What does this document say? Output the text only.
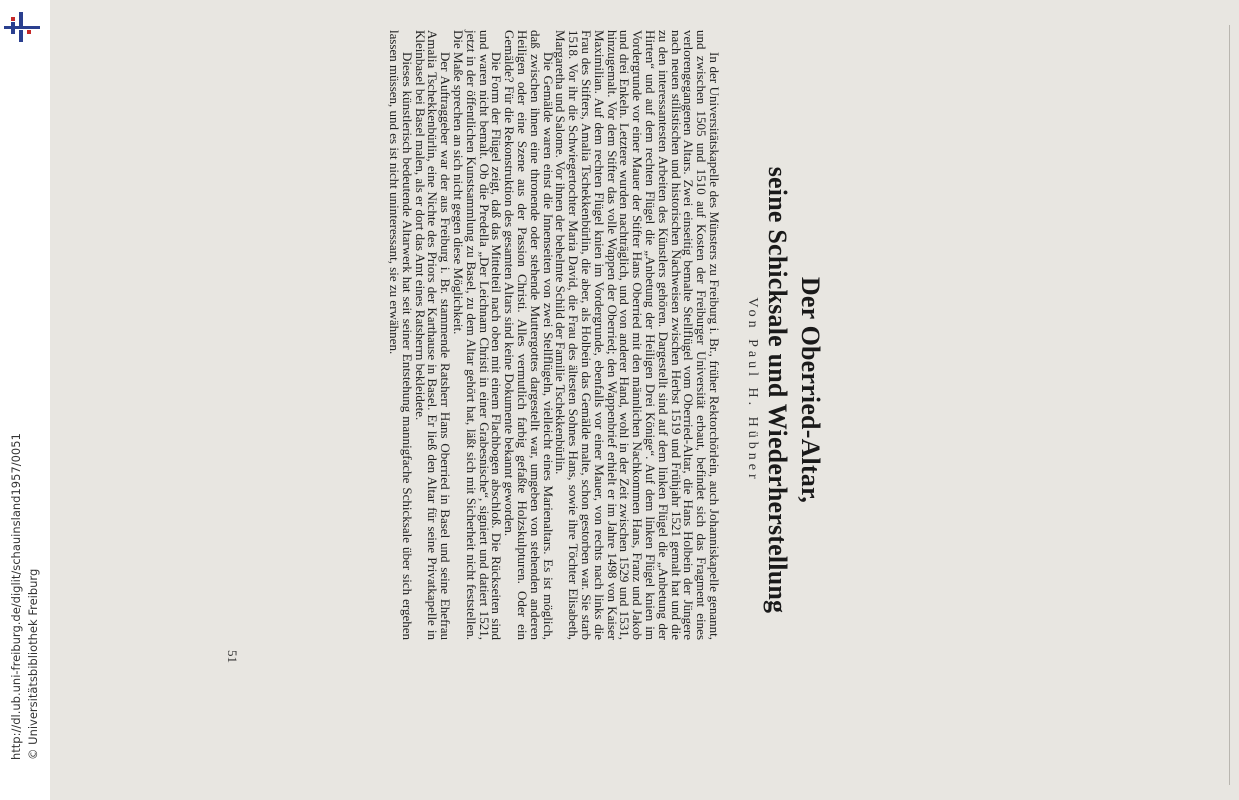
http://dl.ub.uni-freiburg.de/diglit/schauinsland1957/0051 © Universitätsbibliothek Freiburg
Der Oberried-Altar,
seine Schicksale und Wiederherstellung
Von Paul H. Hübner

In der Universitätskapelle des Münsters zu Freiburg i. Br., früher Rektorchörlein, auch Johanniskapelle genannt, und zwischen 1505 und 1510 auf Kosten der Freiburger Universität erbaut, befindet sich das Fragment eines verlorengegangenen Altars. Zwei einseitig bemalte Stellflügel vom Oberried-Altar, die Hans Holbein der Jüngere nach neuen stilistischen und historischen Nachweisen zwischen Herbst 1519 und Frühjahr 1521 gemalt hat und die zu den interessantesten Arbeiten des Künstlers gehören. Dargestellt sind auf dem linken Flügel die „Anbetung der Hirten“ und auf dem rechten Flügel die „Anbetung der Heiligen Drei Könige“. Auf dem linken Flügel knien im Vordergrunde vor einer Mauer der Stifter Hans Oberried mit den männlichen Nachkommen Hans, Franz und Jakob und drei Enkeln. Letztere wurden nachträglich, und von anderer Hand, wohl in der Zeit zwischen 1529 und 1531, hinzugemalt. Vor dem Stifter das volle Wappen der Oberried; den Wappenbrief erhielt er im Jahre 1498 von Kaiser Maximilian. Auf dem rechten Flügel knien im Vordergrunde, ebenfalls vor einer Mauer, von rechts nach links die Frau des Stifters, Amalia Tschekkenbürlin, die aber, als Holbein das Gemälde malte, schon gestorben war. Sie starb 1518. Vor ihr die Schwiegertochter Maria David, die Frau des ältesten Sohnes Hans, sowie ihre Töchter Elisabeth, Margaretha und Salome. Vor ihnen der behelmte Schild der Familie Tschekkenbürlin.

Die Gemälde waren einst die Innenseiten von zwei Stellflügeln, vielleicht eines Marienaltars. Es ist möglich, daß zwischen ihnen eine thronende oder stehende Muttergottes dargestellt war, umgeben von stehenden anderen Heiligen oder eine Szene aus der Passion Christi. Alles vermutlich farbig gefaßte Holzskulpturen. Oder ein Gemälde? Für die Rekonstruktion des gesamten Altars sind keine Dokumente bekannt geworden.

Die Form der Flügel zeigt, daß das Mittelteil nach oben mit einem Flachbogen abschloß. Die Rückseiten sind und waren nicht bemalt. Ob die Predella „Der Leichnam Christi in einer Grabesnische“, signiert und datiert 1521, jetzt in der öffentlichen Kunstsammlung zu Basel, zu dem Altar gehört hat, läßt sich mit Sicherheit nicht feststellen. Die Maße sprechen an sich nicht gegen diese Möglichkeit.

Der Auftraggeber war der aus Freiburg i. Br. stammende Ratsherr Hans Oberried in Basel und seine Ehefrau Amalia Tschekkenbürlin, eine Nichte des Priors der Karthause in Basel. Er ließ den Altar für seine Privatkapelle in Kleinbasel bei Basel malen, als er dort das Amt eines Ratsherrn bekleidete.

Dieses künstlerisch bedeutende Altarwerk hat seit seiner Entstehung mannigfache Schicksale über sich ergehen lassen müssen, und es ist nicht uninteressant, sie zu erwähnen.

51
